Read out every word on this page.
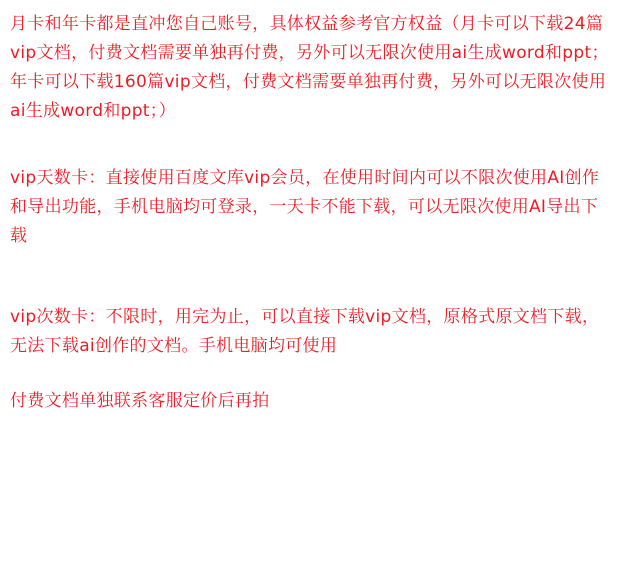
月卡和年卡都是直冲您自己账号，具体权益参考官方权益（月卡可以下载24篇vip文档，付费文档需要单独再付费，另外可以无限次使用ai生成word和ppt；年卡可以下载160篇vip文档，付费文档需要单独再付费，另外可以无限次使用ai生成word和ppt；）
vip天数卡：直接使用百度文库vip会员，在使用时间内可以不限次使用AI创作和导出功能，手机电脑均可登录，一天卡不能下载，可以无限次使用AI导出下载
vip次数卡：不限时，用完为止，可以直接下载vip文档，原格式原文档下载，无法下载ai创作的文档。手机电脑均可使用
付费文档单独联系客服定价后再拍
